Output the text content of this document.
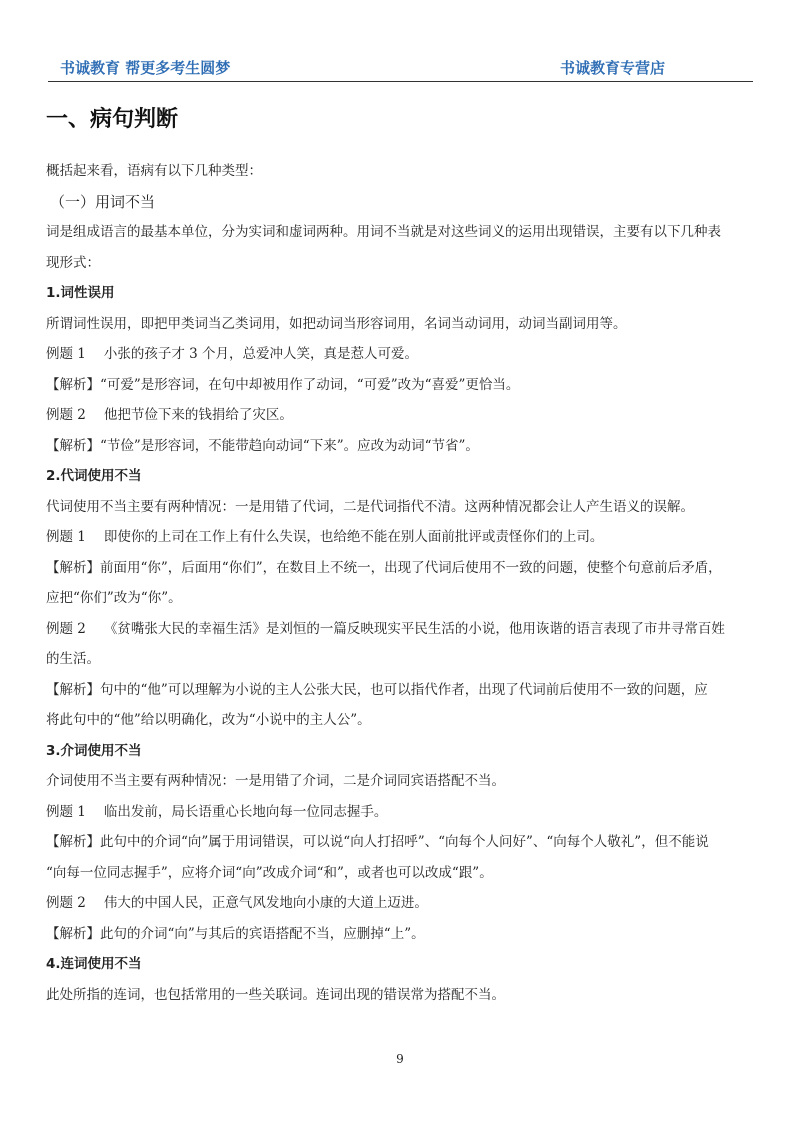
书诚教育 帮更多考生圆梦	书诚教育专营店
一、病句判断

概括起来看，语病有以下几种类型：

（一）用词不当

词是组成语言的最基本单位，分为实词和虚词两种。用词不当就是对这些词义的运用出现错误，主要有以下几种表

现形式：

1.词性误用

所谓词性误用，即把甲类词当乙类词用，如把动词当形容词用，名词当动词用，动词当副词用等。

例题 1 小张的孩子才 3 个月，总爱冲人笑，真是惹人可爱。

【解析】“可爱”是形容词，在句中却被用作了动词，“可爱”改为“喜爱”更恰当。

例题 2 他把节俭下来的钱捐给了灾区。

【解析】“节俭”是形容词，不能带趋向动词“下来”。应改为动词“节省”。

2.代词使用不当

代词使用不当主要有两种情况：一是用错了代词，二是代词指代不清。这两种情况都会让人产生语义的误解。

例题 1 即使你的上司在工作上有什么失误，也给绝不能在别人面前批评或责怪你们的上司。

【解析】前面用“你”，后面用“你们”，在数目上不统一，出现了代词后使用不一致的问题，使整个句意前后矛盾，

应把“你们”改为“你”。

例题 2 《贫嘴张大民的幸福生活》是刘恒的一篇反映现实平民生活的小说，他用诙谐的语言表现了市井寻常百姓

的生活。

【解析】句中的“他”可以理解为小说的主人公张大民，也可以指代作者，出现了代词前后使用不一致的问题，应

将此句中的“他”给以明确化，改为“小说中的主人公”。

3.介词使用不当

介词使用不当主要有两种情况：一是用错了介词，二是介词同宾语搭配不当。

例题 1 临出发前，局长语重心长地向每一位同志握手。

【解析】此句中的介词“向”属于用词错误，可以说“向人打招呼”、“向每个人问好”、“向每个人敬礼”，但不能说

“向每一位同志握手”，应将介词“向”改成介词“和”，或者也可以改成“跟”。

例题 2 伟大的中国人民，正意气风发地向小康的大道上迈进。

【解析】此句的介词“向”与其后的宾语搭配不当，应删掉“上”。

4.连词使用不当

此处所指的连词，也包括常用的一些关联词。连词出现的错误常为搭配不当。

9
